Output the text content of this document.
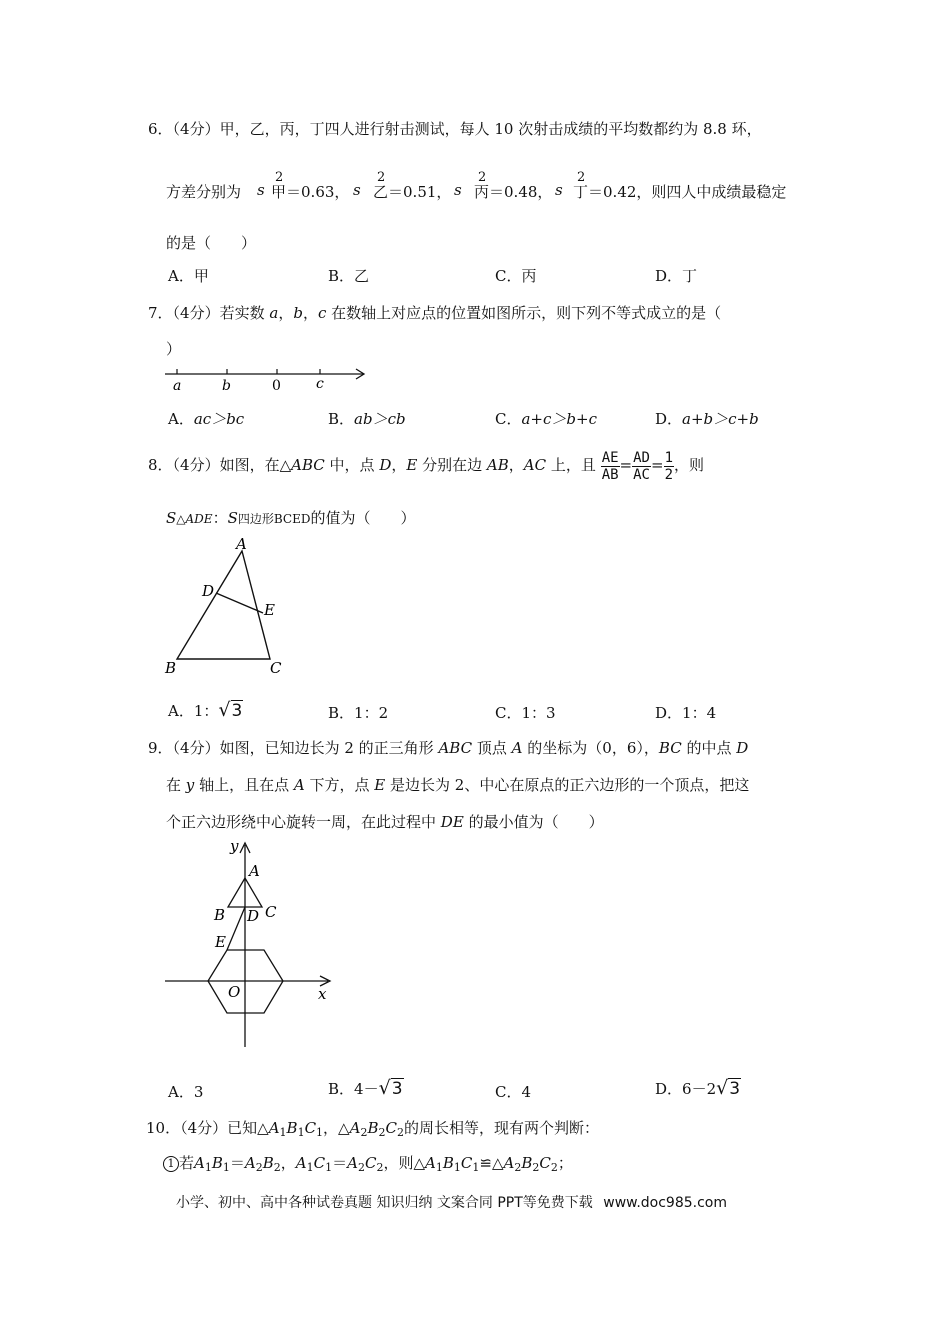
6．（4分）甲，乙，丙，丁四人进行射击测试，每人 10 次射击成绩的平均数都约为 8.8 环，
方差分别为 s
2
甲＝0.63， s
2
乙＝0.51， s
2
丙＝0.48， s
2
丁＝0.42，则四人中成绩最稳定
的是（　　）
A．甲	B．乙	C．丙	D．丁
7．（4分）若实数 a，b，c 在数轴上对应点的位置如图所示，则下列不等式成立的是（
）
a	b	0	c
A．ac＞bc	B．ab＞cb	C．a+c＞b+c	D．a+b＞c+b
8．（4分）如图，在△ABC 中，点 D，E 分别在边 AB，AC 上，且 $\frac{AE}{AB} = \frac{AD}{AC} = \frac{1}{2}$ ，则
S△ADE：S四边形BCED的值为（　　）
A
D
E
B	C
A．1：√3	B．1：2	C．1：3	D．1：4
9．（4分）如图，已知边长为 2 的正三角形 ABC 顶点 A 的坐标为（0，6），BC 的中点 D
在 y 轴上，且在点 A 下方，点 E 是边长为 2、中心在原点的正六边形的一个顶点，把这
个正六边形绕中心旋转一周，在此过程中 DE 的最小值为（　　）
y
A
B D C
E
O	x
A．3	B．4－√3	C．4	D．6－2√3
10．（4分）已知$\triangle A_1B_1C_1$，$\triangle A_2B_2C_2$的周长相等，现有两个判断：
1 若$A_1B_1=A_2B_2$，$A_1C_1=A_2C_2$，则$\triangle A_1B_1C_1≌\triangle A_2B_2C_2$；
小学、初中、高中各种试卷真题 知识归纳 文案合同 PPT等免费下载 www.doc985.com
